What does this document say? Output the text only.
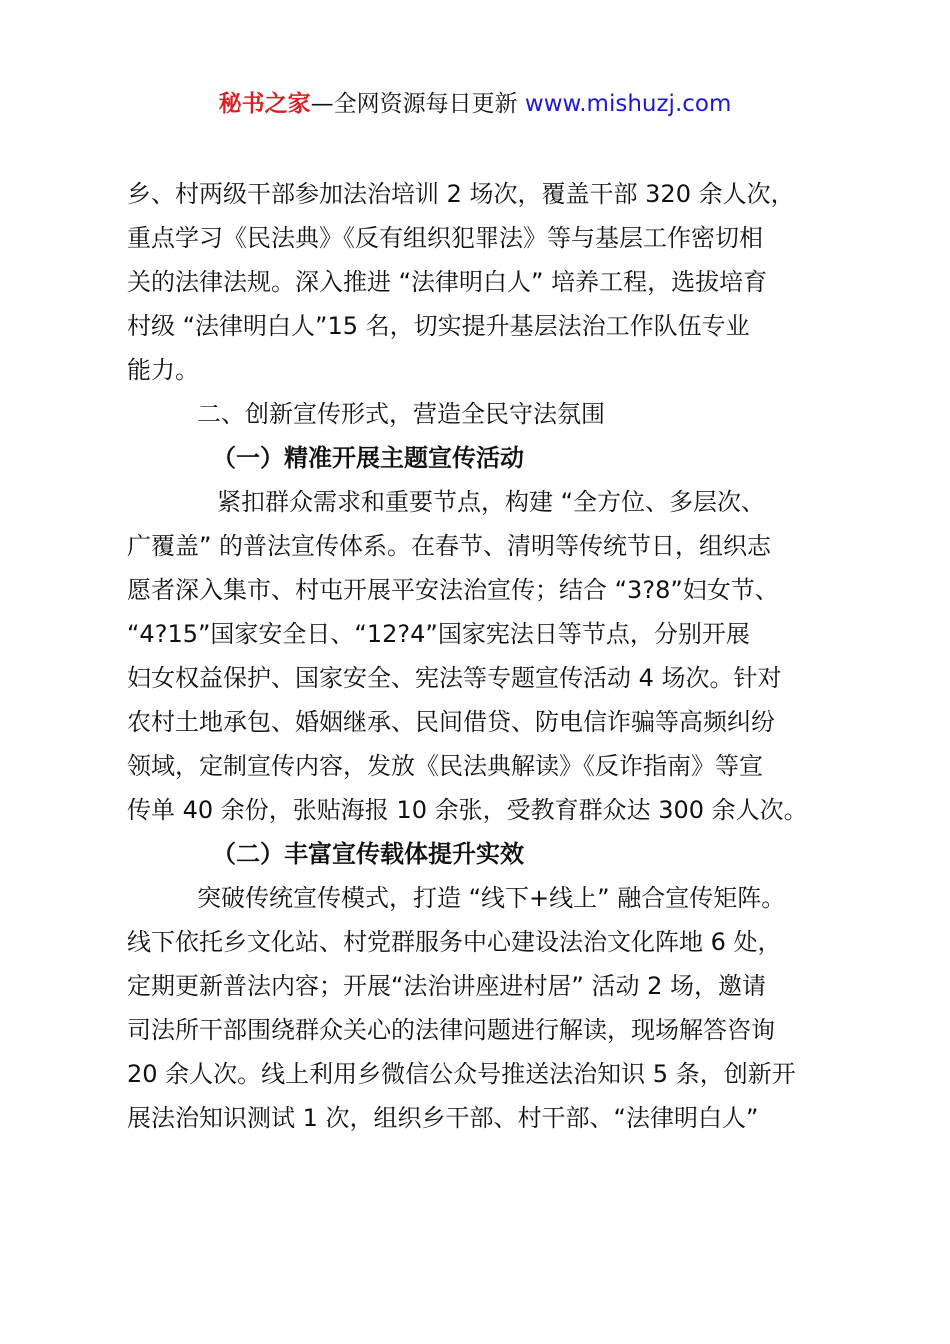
秘书之家—全网资源每日更新 www.mishuzj.com
乡、村两级干部参加法治培训 2 场次，覆盖干部 320 余人次，
重点学习《民法典》《反有组织犯罪法》等与基层工作密切相
关的法律法规。深入推进 “法律明白人” 培养工程，选拔培育
村级 “法律明白人”15 名，切实提升基层法治工作队伍专业
能力。
二、创新宣传形式，营造全民守法氛围
（一）精准开展主题宣传活动
紧扣群众需求和重要节点，构建 “全方位、多层次、
广覆盖” 的普法宣传体系。在春节、清明等传统节日，组织志
愿者深入集市、村屯开展平安法治宣传；结合 “3?8”妇女节、
“4?15”国家安全日、“12?4”国家宪法日等节点，分别开展
妇女权益保护、国家安全、宪法等专题宣传活动 4 场次。针对
农村土地承包、婚姻继承、民间借贷、防电信诈骗等高频纠纷
领域，定制宣传内容，发放《民法典解读》《反诈指南》等宣
传单 40 余份，张贴海报 10 余张，受教育群众达 300 余人次。
（二）丰富宣传载体提升实效
突破传统宣传模式，打造 “线下+线上” 融合宣传矩阵。
线下依托乡文化站、村党群服务中心建设法治文化阵地 6 处，
定期更新普法内容；开展“法治讲座进村居” 活动 2 场，邀请
司法所干部围绕群众关心的法律问题进行解读，现场解答咨询
20 余人次。线上利用乡微信公众号推送法治知识 5 条，创新开
展法治知识测试 1 次，组织乡干部、村干部、“法律明白人”
